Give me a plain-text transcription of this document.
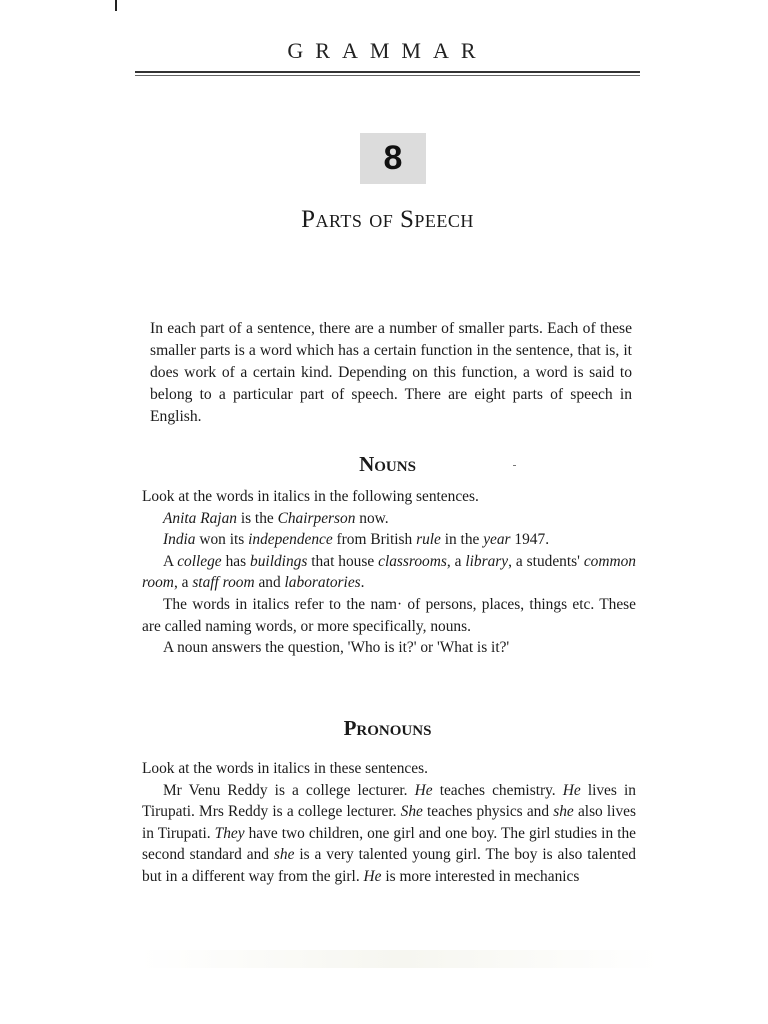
GRAMMAR
8
Parts of Speech

In each part of a sentence, there are a number of smaller parts. Each of these smaller parts is a word which has a certain function in the sentence, that is, it does work of a certain kind. Depending on this function, a word is said to belong to a particular part of speech. There are eight parts of speech in English.

Nouns

Look at the words in italics in the following sentences.

Anita Rajan is the Chairperson now.

India won its independence from British rule in the year 1947.

A college has buildings that house classrooms, a library, a students' common room, a staff room and laboratories.

The words in italics refer to the nam· of persons, places, things etc. These are called naming words, or more specifically, nouns.

A noun answers the question, 'Who is it?' or 'What is it?'

Pronouns

Look at the words in italics in these sentences.

Mr Venu Reddy is a college lecturer. He teaches chemistry. He lives in Tirupati. Mrs Reddy is a college lecturer. She teaches physics and she also lives in Tirupati. They have two children, one girl and one boy. The girl studies in the second standard and she is a very talented young girl. The boy is also talented but in a different way from the girl. He is more interested in mechanics
